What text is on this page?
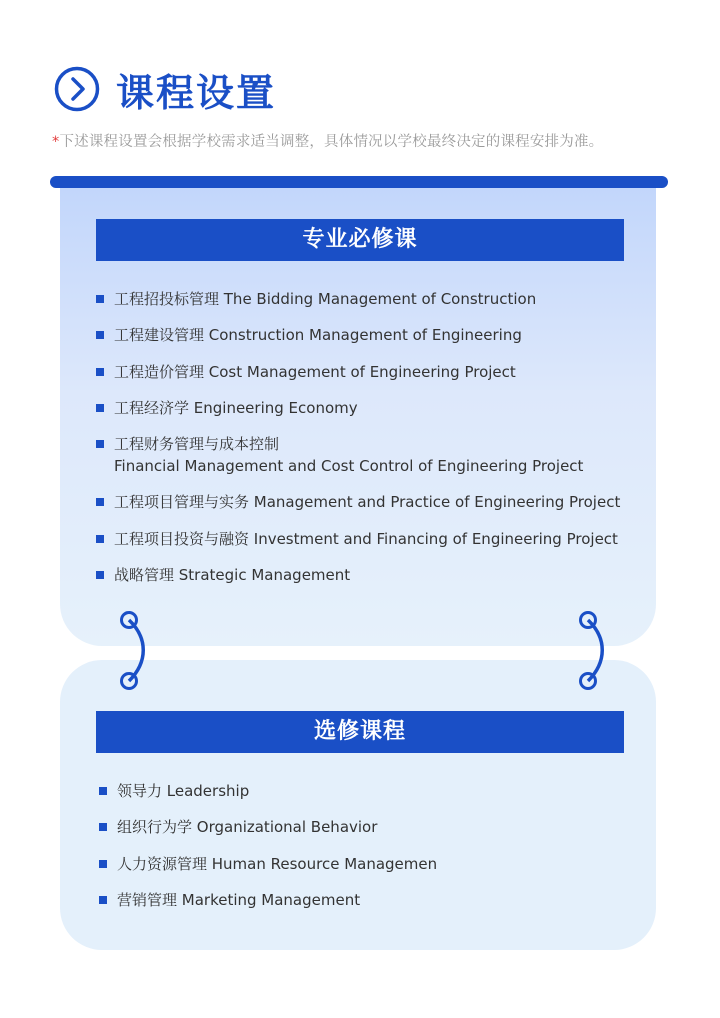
课程设置
*下述课程设置会根据学校需求适当调整，具体情况以学校最终决定的课程安排为准。
专业必修课
工程招投标管理 The Bidding Management of Construction
工程建设管理 Construction Management of Engineering
工程造价管理 Cost Management of Engineering Project
工程经济学 Engineering Economy
工程财务管理与成本控制
Financial Management and Cost Control of Engineering Project
工程项目管理与实务 Management and Practice of Engineering Project
工程项目投资与融资 Investment and Financing of Engineering Project
战略管理 Strategic Management
选修课程
领导力 Leadership
组织行为学 Organizational Behavior
人力资源管理 Human Resource Managemen
营销管理 Marketing Management
